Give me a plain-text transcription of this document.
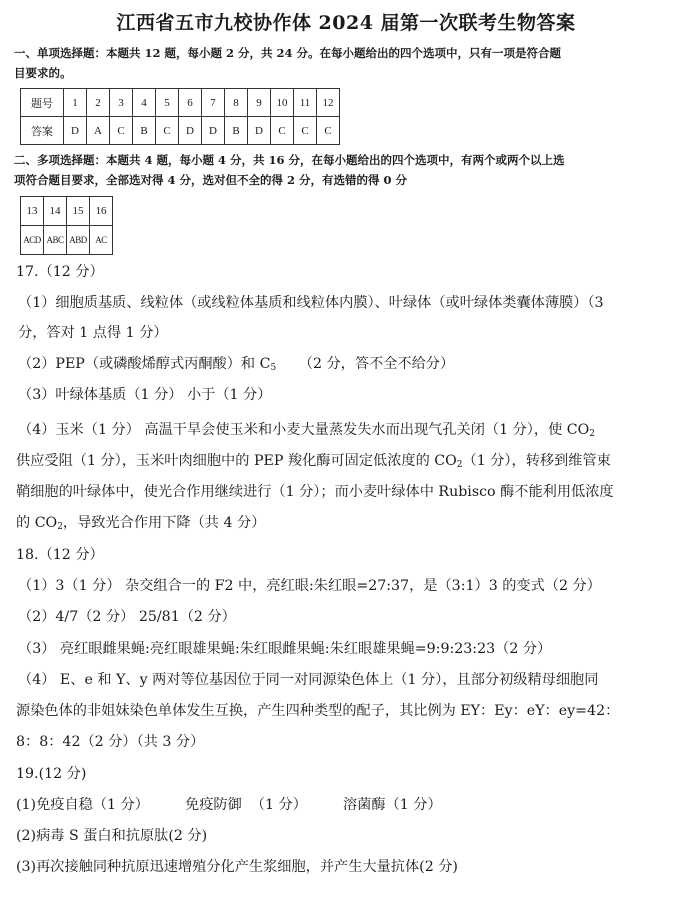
江西省五市九校协作体 2024 届第一次联考生物答案
一、单项选择题：本题共 12 题，每小题 2 分，共 24 分。在每小题给出的四个选项中，只有一项是符合题
目要求的。
题号	1	2	3	4	5	6	7	8	9	10	11	12
答案	D	A	C	B	C	D	D	B	D	C	C	C
二、多项选择题：本题共 4 题，每小题 4 分，共 16 分，在每小题给出的四个选项中，有两个或两个以上选
项符合题目要求，全部选对得 4 分，选对但不全的得 2 分，有选错的得 0 分
13	14	15	16
ACD	ABC	ABD	AC
17.（12 分）
（1）细胞质基质、线粒体（或线粒体基质和线粒体内膜）、叶绿体（或叶绿体类囊体薄膜）（3
分，答对 1 点得 1 分）
（2）PEP（或磷酸烯醇式丙酮酸）和 $C_5$     （2 分，答不全不给分）
（3）叶绿体基质（1 分） 小于（1 分）
（4）玉米（1 分） 高温干旱会使玉米和小麦大量蒸发失水而出现气孔关闭（1 分），使 $CO_2$
供应受阻（1 分），玉米叶肉细胞中的 PEP 羧化酶可固定低浓度的 $CO_2(1$ 分），转移到维管束
鞘细胞的叶绿体中，使光合作用继续进行（1 分）；而小麦叶绿体中 Rubisco 酶不能利用低浓度
的 $CO_2$，导致光合作用下降（共 4 分）
18.（12 分）
（1）3（1 分） 杂交组合一的 F2 中，亮红眼:朱红眼=27:37，是（3:1）3 的变式（2 分）
（2）4/7（2 分） 25/81（2 分）
（3） 亮红眼雌果蝇:亮红眼雄果蝇:朱红眼雌果蝇:朱红眼雄果蝇=9:9:23:23（2 分）
（4） E、e 和 Y、y 两对等位基因位于同一对同源染色体上（1 分），且部分初级精母细胞同
源染色体的非姐妹染色单体发生互换，产生四种类型的配子，其比例为 EY：Ey：eY：ey=42：
8：8：42（2 分）（共 3 分）
19.(12 分)
(1)免疫自稳（1 分）        免疫防御  （1 分）        溶菌酶（1 分）
(2)病毒 S 蛋白和抗原肽(2 分)
(3)再次接触同种抗原迅速增殖分化产生浆细胞，并产生大量抗体(2 分)
